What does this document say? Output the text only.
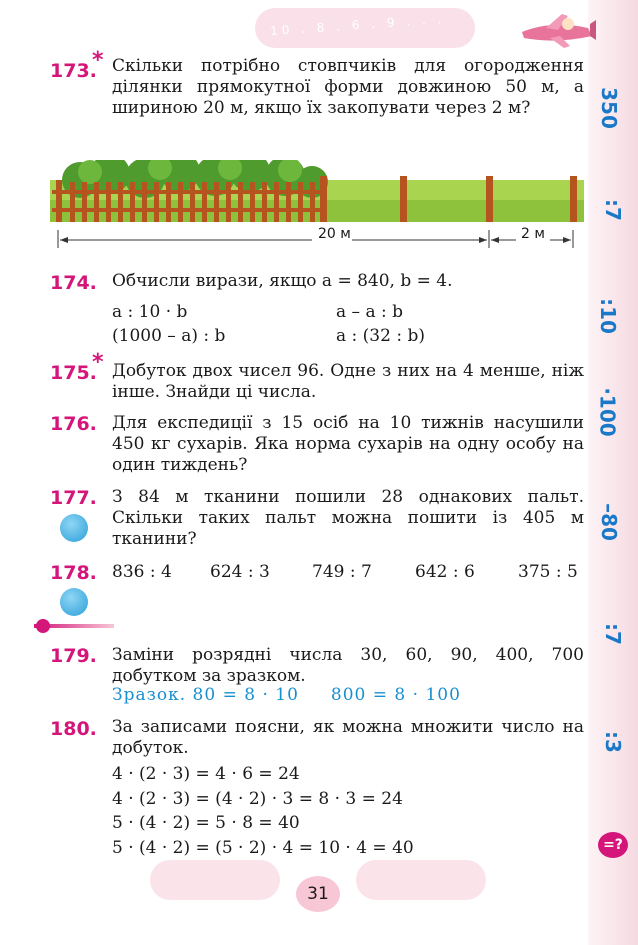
10 . 8 . 6 . 9 . . .
350
:7
:10
·100
–80
:7
:3
=?
173.
* Скільки потрібно стовпчиків для огородження ділянки прямокутної форми довжиною 50 м, а шириною 20 м, якщо їх закопувати через 2 м?
20 м	2 м
174. Обчисли вирази, якщо a = 840, b = 4.
a : 10 · b	a – a : b
(1000 – a) : b	a : (32 : b)
175.
* Добуток двох чисел 96. Одне з них на 4 менше, ніж інше. Знайди ці числа.
176. Для експедиції з 15 осіб на 10 тижнів насушили 450 кг сухарів. Яка норма сухарів на одну особу на один тиждень?
177. З 84 м тканини пошили 28 однакових пальт. Скільки таких пальт можна пошити із 405 м тканини?
178. 836 : 4 624 : 3 749 : 7	642 : 6	375 : 5
179. Заміни розрядні числа 30, 60, 90, 400, 700 добутком за зразком.
Зразок. 80 = 8 · 10     800 = 8 · 100
180. За записами поясни, як можна множити число на добуток.
4 · (2 · 3) = 4 · 6 = 24
4 · (2 · 3) = (4 · 2) · 3 = 8 · 3 = 24
5 · (4 · 2) = 5 · 8 = 40
5 · (4 · 2) = (5 · 2) · 4 = 10 · 4 = 40
31
